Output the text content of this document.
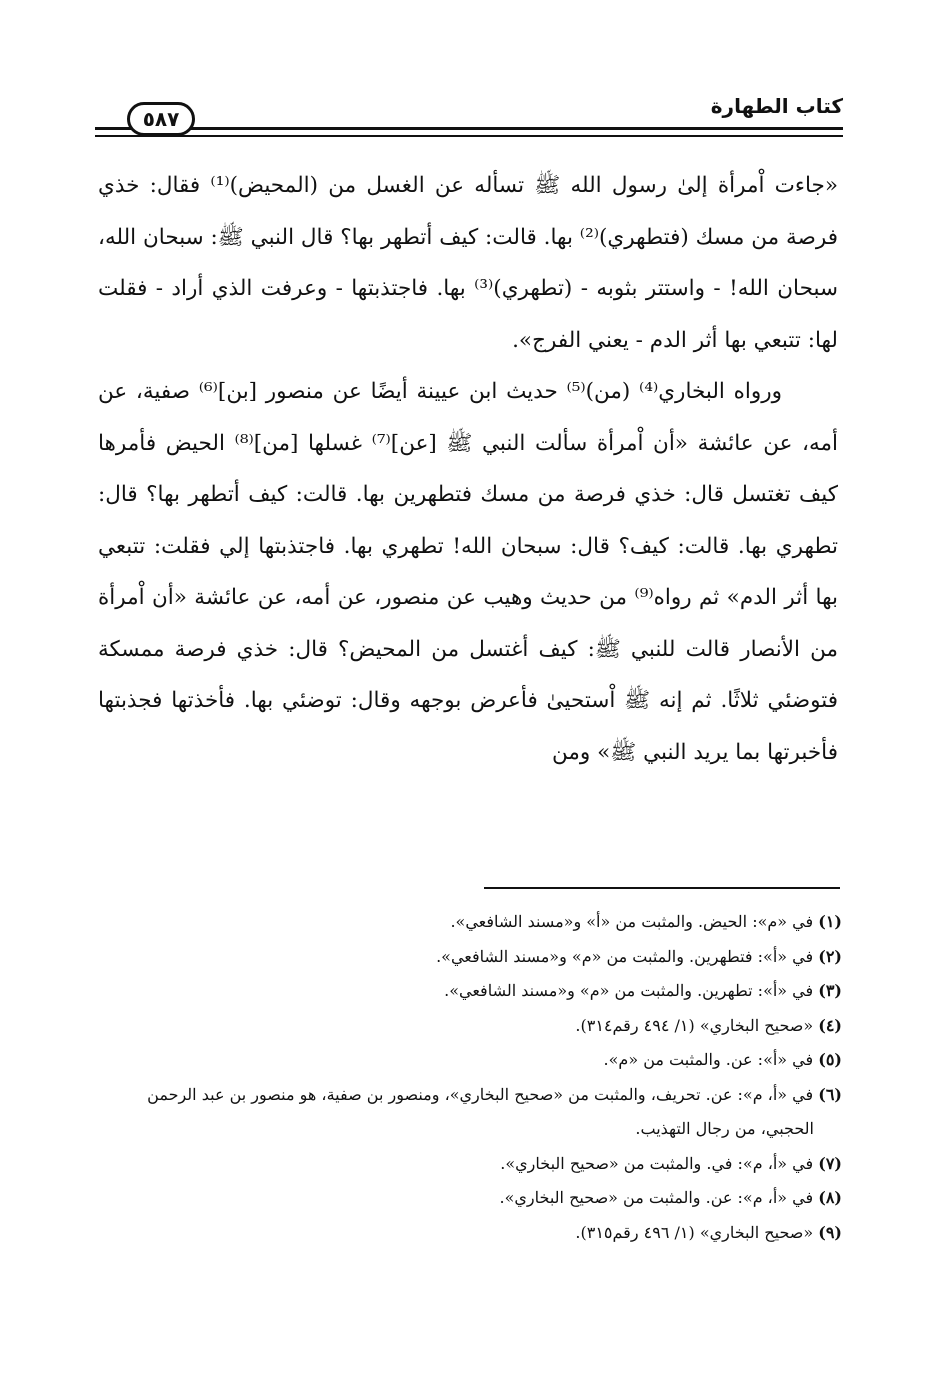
كتاب الطهارة
٥٨٧

«جاءت اْمرأة إلىٰ رسول الله ﷺ تسأله عن الغسل من (المحيض)⁽¹⁾ فقال: خذي فرصة من مسك (فتطهري)⁽²⁾ بها. قالت: كيف أتطهر بها؟ قال النبي ﷺ: سبحان الله، سبحان الله! - واستتر بثوبه - (تطهري)⁽³⁾ بها. فاجتذبتها - وعرفت الذي أراد - فقلت لها: تتبعي بها أثر الدم - يعني الفرج».

ورواه البخاري⁽⁴⁾ (من)⁽⁵⁾ حديث ابن عيينة أيضًا عن منصور [بن]⁽⁶⁾ صفية، عن أمه، عن عائشة «أن اْمرأة سألت النبي ﷺ [عن]⁽⁷⁾ غسلها [من]⁽⁸⁾ الحيض فأمرها كيف تغتسل قال: خذي فرصة من مسك فتطهرين بها. قالت: كيف أتطهر بها؟ قال: تطهري بها. قالت: كيف؟ قال: سبحان الله! تطهري بها. فاجتذبتها إلي فقلت: تتبعي بها أثر الدم» ثم رواه⁽⁹⁾ من حديث وهيب عن منصور، عن أمه، عن عائشة «أن اْمرأة من الأنصار قالت للنبي ﷺ: كيف أغتسل من المحيض؟ قال: خذي فرصة ممسكة فتوضئي ثلاثًا. ثم إنه ﷺ اْستحيىٰ فأعرض بوجهه وقال: توضئي بها. فأخذتها فجذبتها فأخبرتها بما يريد النبي ﷺ» ومن

(١) في «م»: الحيض. والمثبت من «أ» و«مسند الشافعي».

(٢) في «أ»: فتطهرين. والمثبت من «م» و«مسند الشافعي».

(٣) في «أ»: تطهرين. والمثبت من «م» و«مسند الشافعي».

(٤) «صحيح البخاري» (١/ ٤٩٤ رقم٣١٤).

(٥) في «أ»: عن. والمثبت من «م».

(٦) في «أ، م»: عن. تحريف، والمثبت من «صحيح البخاري»، ومنصور بن صفية، هو منصور بن عبد الرحمن الحجبي، من رجال التهذيب.

(٧) في «أ، م»: في. والمثبت من «صحيح البخاري».

(٨) في «أ، م»: عن. والمثبت من «صحيح البخاري».

(٩) «صحيح البخاري» (١/ ٤٩٦ رقم٣١٥).
